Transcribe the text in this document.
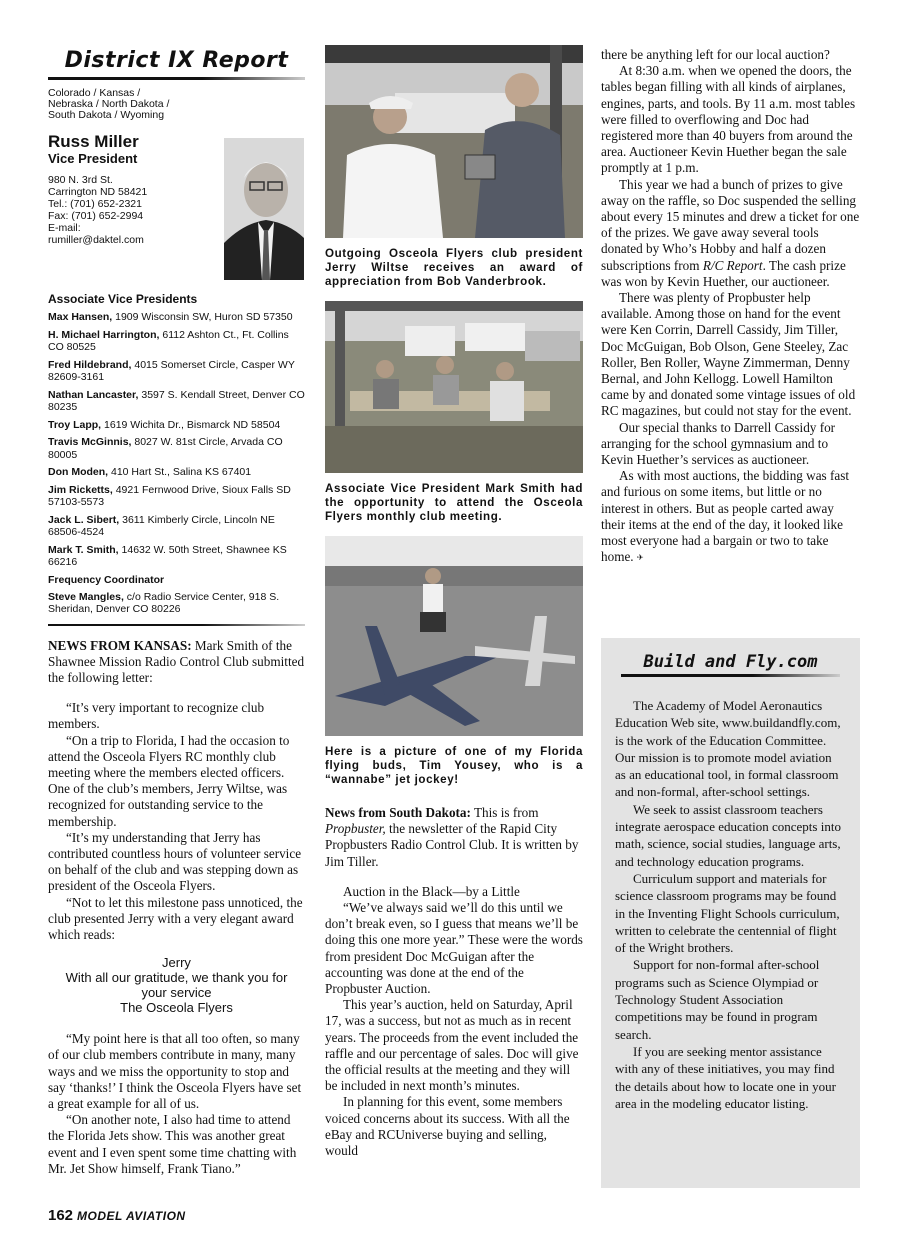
District IX Report
Colorado / Kansas / Nebraska / North Dakota / South Dakota / Wyoming
Russ Miller
Vice President
980 N. 3rd St.
Carrington ND 58421
Tel.: (701) 652-2321
Fax: (701) 652-2994
E-mail:
rumiller@daktel.com
Associate Vice Presidents
Max Hansen, 1909 Wisconsin SW, Huron SD 57350
H. Michael Harrington, 6112 Ashton Ct., Ft. Collins CO 80525
Fred Hildebrand, 4015 Somerset Circle, Casper WY 82609-3161
Nathan Lancaster, 3597 S. Kendall Street, Denver CO 80235
Troy Lapp, 1619 Wichita Dr., Bismarck ND 58504
Travis McGinnis, 8027 W. 81st Circle, Arvada CO 80005
Don Moden, 410 Hart St., Salina KS 67401
Jim Ricketts, 4921 Fernwood Drive, Sioux Falls SD 57103-5573
Jack L. Sibert, 3611 Kimberly Circle, Lincoln NE 68506-4524
Mark T. Smith, 14632 W. 50th Street, Shawnee KS 66216
Frequency Coordinator
Steve Mangles, c/o Radio Service Center, 918 S. Sheridan, Denver CO 80226

NEWS FROM KANSAS: Mark Smith of the Shawnee Mission Radio Control Club submitted the following letter:

“It’s very important to recognize club members.

“On a trip to Florida, I had the occasion to attend the Osceola Flyers RC monthly club meeting where the members elected officers. One of the club’s members, Jerry Wiltse, was recognized for outstanding service to the membership.

“It’s my understanding that Jerry has contributed countless hours of volunteer service on behalf of the club and was stepping down as president of the Osceola Flyers.

“Not to let this milestone pass unnoticed, the club presented Jerry with a very elegant award which reads:

Jerry
With all our gratitude, we thank you for
your service
The Osceola Flyers

“My point here is that all too often, so many of our club members contribute in many, many ways and we miss the opportunity to stop and say ‘thanks!’ I think the Osceola Flyers have set a great example for all of us.

“On another note, I also had time to attend the Florida Jets show. This was another great event and I even spent some time chatting with Mr. Jet Show himself, Frank Tiano.”

Outgoing Osceola Flyers club president Jerry Wiltse receives an award of appreciation from Bob Vanderbrook.
Associate Vice President Mark Smith had the opportunity to attend the Osceola Flyers monthly club meeting.
Here is a picture of one of my Florida flying buds, Tim Yousey, who is a “wannabe” jet jockey!

News from South Dakota: This is from Propbuster, the newsletter of the Rapid City Propbusters Radio Control Club. It is written by Jim Tiller.

Auction in the Black—by a Little

“We’ve always said we’ll do this until we don’t break even, so I guess that means we’ll be doing this one more year.” These were the words from president Doc McGuigan after the accounting was done at the end of the Propbuster Auction.

This year’s auction, held on Saturday, April 17, was a success, but not as much as in recent years. The proceeds from the event included the raffle and our percentage of sales. Doc will give the official results at the meeting and they will be included in next month’s minutes.

In planning for this event, some members voiced concerns about its success. With all the eBay and RCUniverse buying and selling, would

there be anything left for our local auction?

At 8:30 a.m. when we opened the doors, the tables began filling with all kinds of airplanes, engines, parts, and tools. By 11 a.m. most tables were filled to overflowing and Doc had registered more than 40 buyers from around the area. Auctioneer Kevin Huether began the sale promptly at 1 p.m.

This year we had a bunch of prizes to give away on the raffle, so Doc suspended the selling about every 15 minutes and drew a ticket for one of the prizes. We gave away several tools donated by Who’s Hobby and half a dozen subscriptions from R/C Report. The cash prize was won by Kevin Huether, our auctioneer.

There was plenty of Propbuster help available. Among those on hand for the event were Ken Corrin, Darrell Cassidy, Jim Tiller, Doc McGuigan, Bob Olson, Gene Steeley, Zac Roller, Ben Roller, Wayne Zimmerman, Denny Bernal, and John Kellogg. Lowell Hamilton came by and donated some vintage issues of old RC magazines, but could not stay for the event.

Our special thanks to Darrell Cassidy for arranging for the school gymnasium and to Kevin Huether’s services as auctioneer.

As with most auctions, the bidding was fast and furious on some items, but little or no interest in others. But as people carted away their items at the end of the day, it looked like most everyone had a bargain or two to take home. ✈

Build and Fly.com

The Academy of Model Aeronautics Education Web site, www.buildandfly.com, is the work of the Education Committee. Our mission is to promote model aviation as an educational tool, in formal classroom and non-formal, after-school settings.

We seek to assist classroom teachers integrate aerospace education concepts into math, science, social studies, language arts, and technology education programs.

Curriculum support and materials for science classroom programs may be found in the Inventing Flight Schools curriculum, written to celebrate the centennial of flight of the Wright brothers.

Support for non-formal after-school programs such as Science Olympiad or Technology Student Association competitions may be found in program search.

If you are seeking mentor assistance with any of these initiatives, you may find the details about how to locate one in your area in the modeling educator listing.

162 MODEL AVIATION
